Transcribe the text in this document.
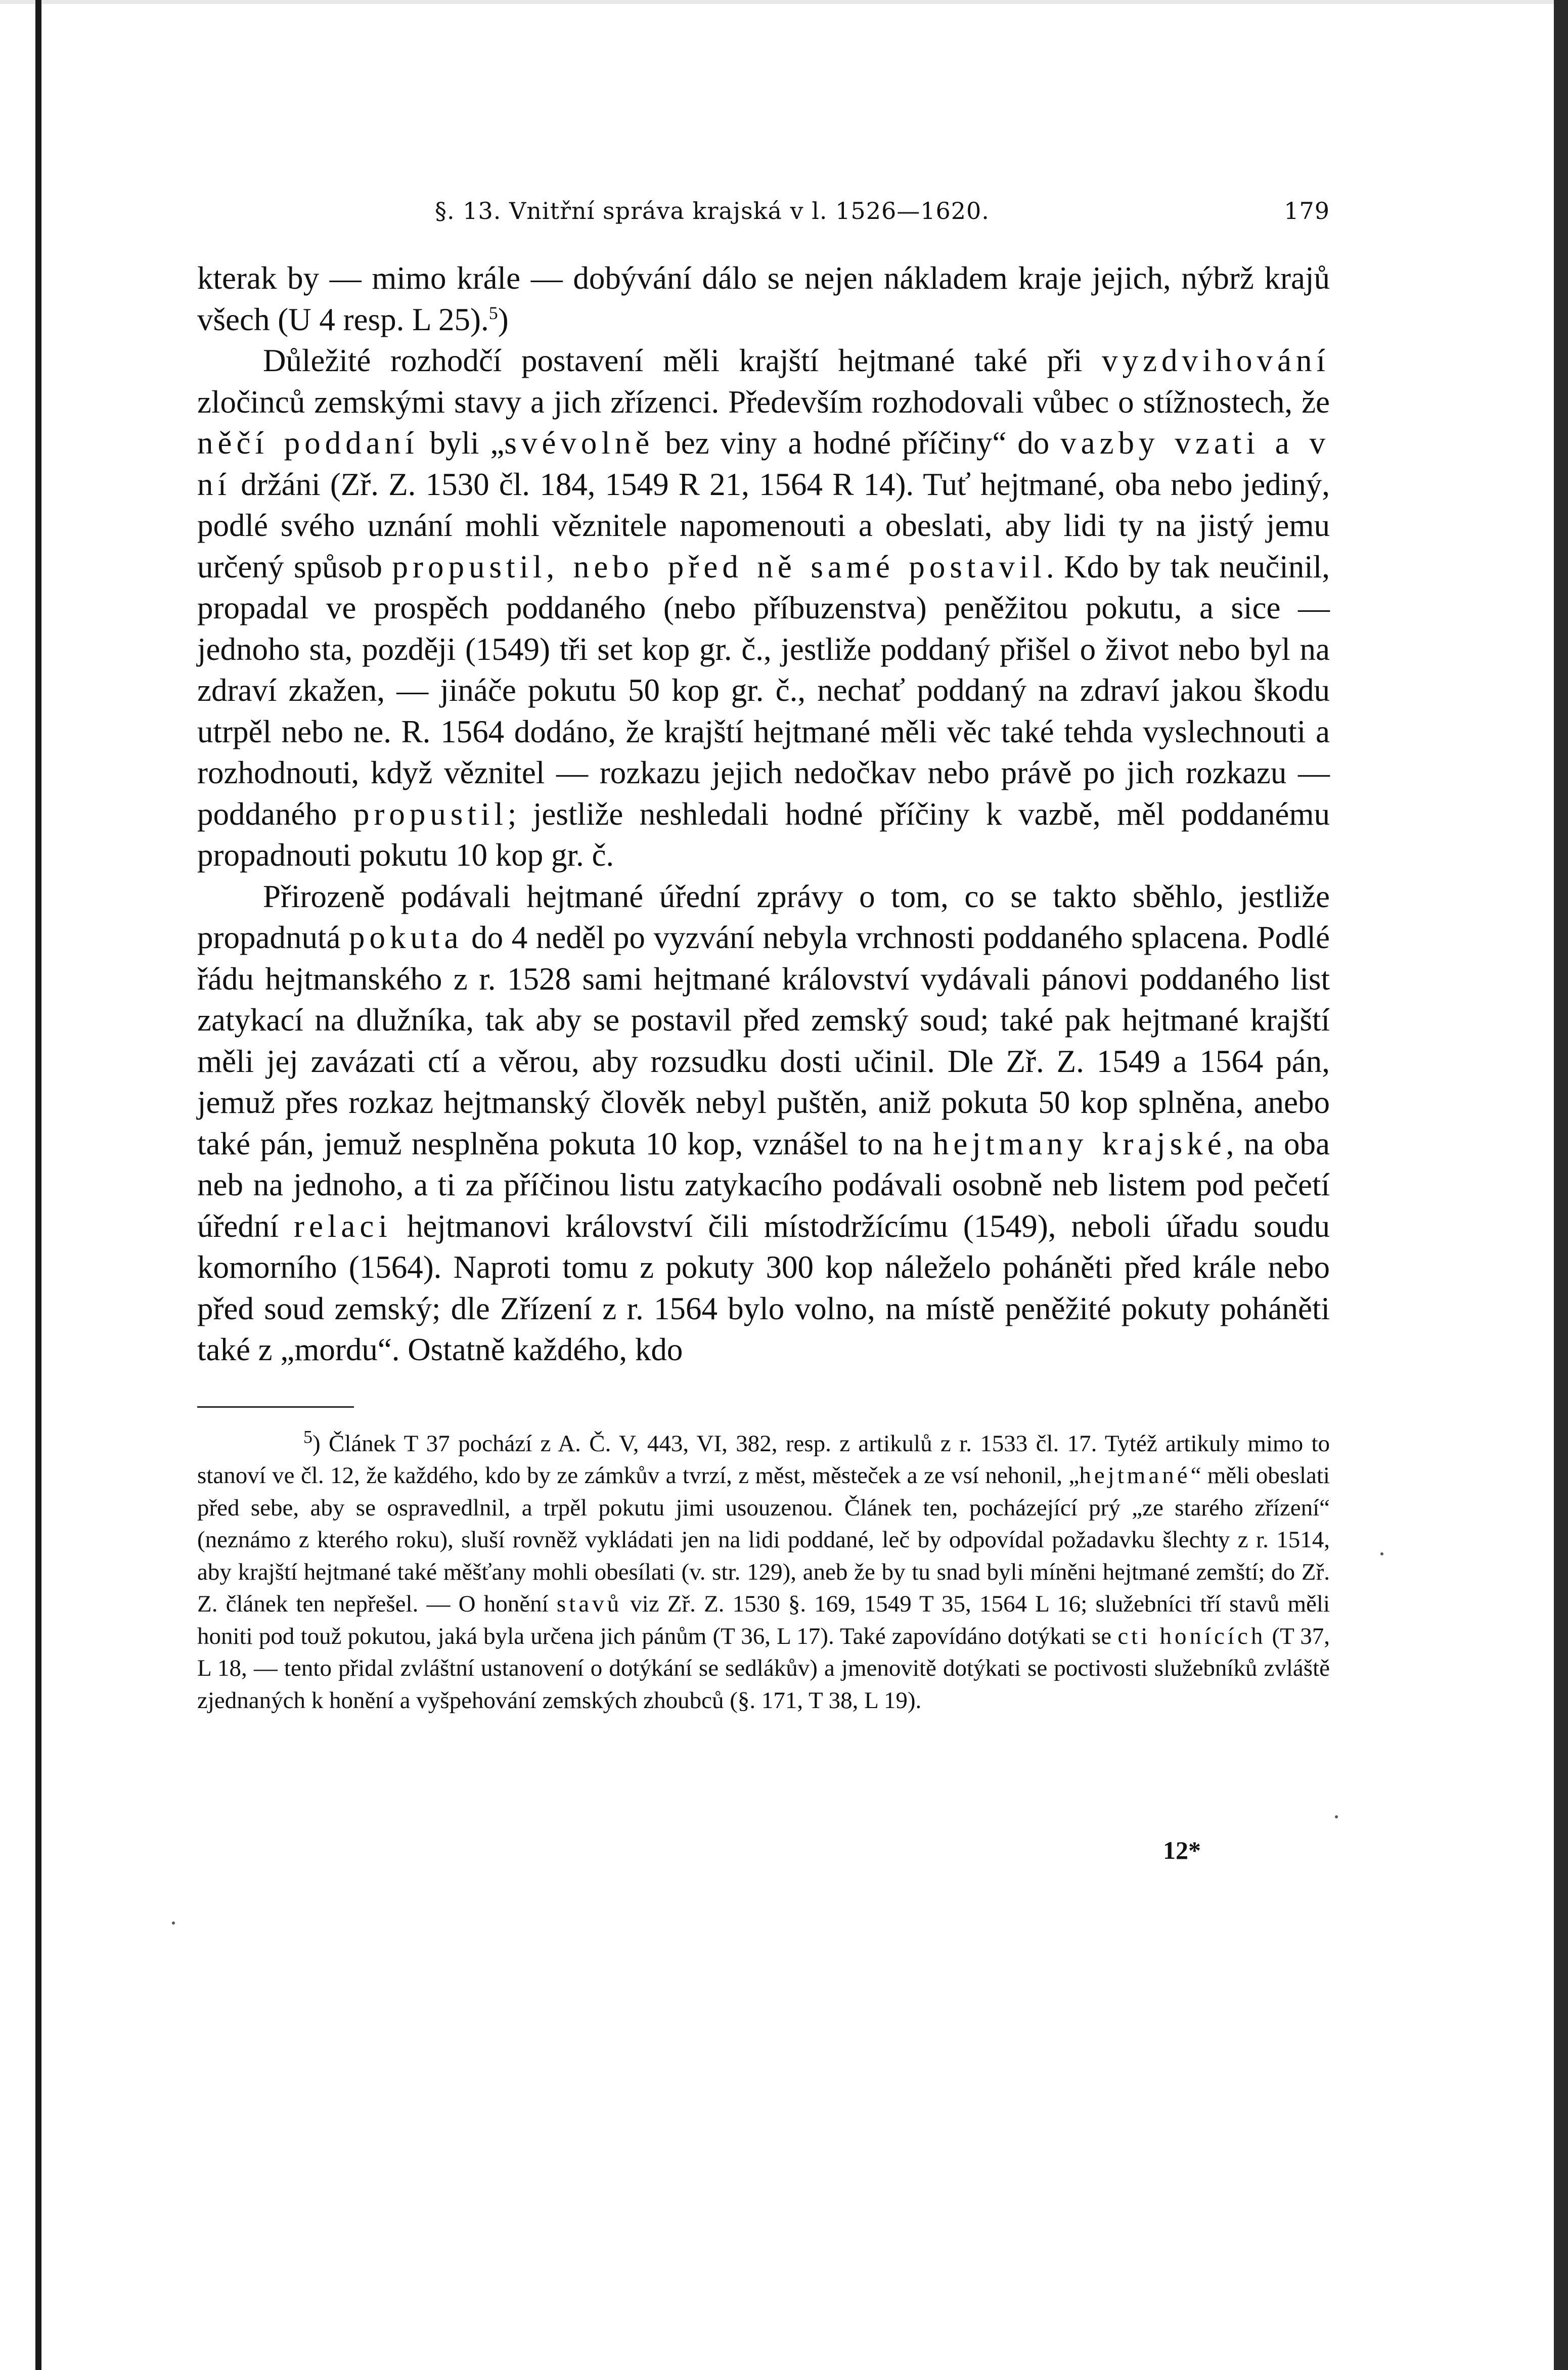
§. 13. Vnitřní správa krajská v l. 1526—1620.	179

kterak by — mimo krále — dobývání dálo se nejen nákladem kraje jejich, nýbrž krajů všech (U 4 resp. L 25).$^5$)

Důležité rozhodčí postavení měli krajští hejtmané také při vyzdvihování zločinců zemskými stavy a jich zřízenci. Především rozhodovali vůbec o stížnostech, že něčí poddaní byli „svévolně bez viny a hodné příčiny“ do vazby vzati a v ní držáni (Zř. Z. 1530 čl. 184, 1549 R 21, 1564 R 14). Tuť hejtmané, oba nebo jediný, podlé svého uznání mohli věznitele napomenouti a obeslati, aby lidi ty na jistý jemu určený spůsob propustil, nebo před ně samé postavil. Kdo by tak neučinil, propadal ve prospěch poddaného (nebo příbuzenstva) peněžitou pokutu, a sice — jednoho sta, později (1549) tři set kop gr. č., jestliže poddaný přišel o život nebo byl na zdraví zkažen, — jináče pokutu 50 kop gr. č., nechať poddaný na zdraví jakou škodu utrpěl nebo ne. R. 1564 dodáno, že krajští hejtmané měli věc také tehda vyslechnouti a rozhodnouti, když věznitel — rozkazu jejich nedočkav nebo právě po jich rozkazu — poddaného propustil; jestliže neshledali hodné příčiny k vazbě, měl poddanému propadnouti pokutu 10 kop gr. č.

Přirozeně podávali hejtmané úřední zprávy o tom, co se takto sběhlo, jestliže propadnutá pokuta do 4 neděl po vyzvání nebyla vrchnosti poddaného splacena. Podlé řádu hejtmanského z r. 1528 sami hejtmané království vydávali pánovi poddaného list zatykací na dlužníka, tak aby se postavil před zemský soud; také pak hejtmané krajští měli jej zavázati ctí a věrou, aby rozsudku dosti učinil. Dle Zř. Z. 1549 a 1564 pán, jemuž přes rozkaz hejtmanský člověk nebyl puštěn, aniž pokuta 50 kop splněna, anebo také pán, jemuž nesplněna pokuta 10 kop, vznášel to na hejtmany krajské, na oba neb na jednoho, a ti za příčinou listu zatykacího podávali osobně neb listem pod pečetí úřední relaci hejtmanovi království čili místodržícímu (1549), neboli úřadu soudu komorního (1564). Naproti tomu z pokuty 300 kop náleželo poháněti před krále nebo před soud zemský; dle Zřízení z r. 1564 bylo volno, na místě peněžité pokuty poháněti také z „mordu“. Ostatně každého, kdo

$^5$) Článek T 37 pochází z A. Č. V, 443, VI, 382, resp. z artikulů z r. 1533 čl. 17. Tytéž artikuly mimo to stanoví ve čl. 12, že každého, kdo by ze zámkův a tvrzí, z měst, městeček a ze vsí nehonil, „hejtmané“ měli obeslati před sebe, aby se ospravedlnil, a trpěl pokutu jimi usouzenou. Článek ten, pocházející prý „ze starého zřízení“ (neznámo z kterého roku), sluší rovněž vykládati jen na lidi poddané, leč by odpovídal požadavku šlechty z r. 1514, aby krajští hejtmané také měšťany mohli obesílati (v. str. 129), aneb že by tu snad byli míněni hejtmané zemští; do Zř. Z. článek ten nepřešel. — O honění stavů viz Zř. Z. 1530 §. 169, 1549 T 35, 1564 L 16; služebníci tří stavů měli honiti pod touž pokutou, jaká byla určena jich pánům (T 36, L 17). Také zapovídáno dotýkati se cti honících (T 37, L 18, — tento přidal zvláštní ustanovení o dotýkání se sedlákův) a jmenovitě dotýkati se poctivosti služebníků zvláště zjednaných k honění a vyšpehování zemských zhoubců (§. 171, T 38, L 19).

12*
